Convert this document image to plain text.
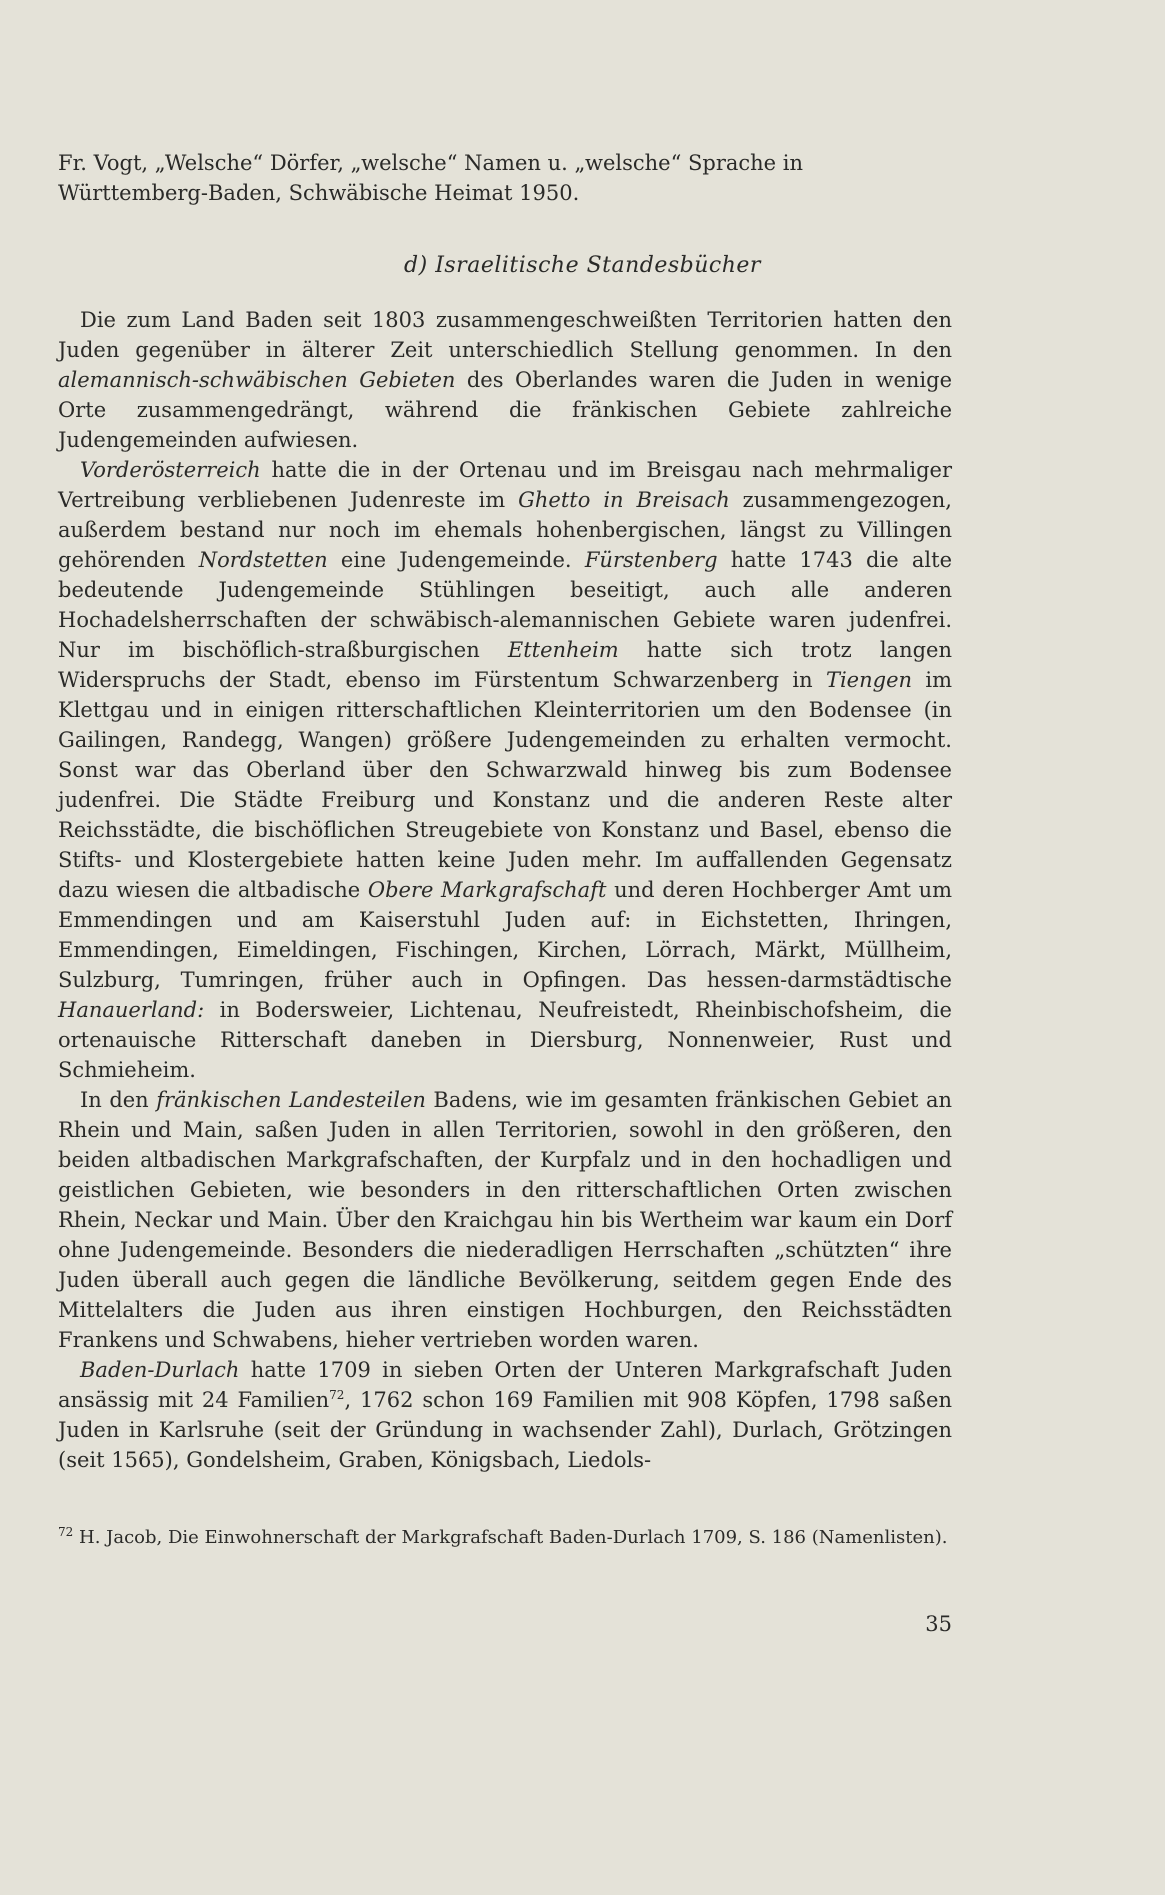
Fr. Vogt, „Welsche“ Dörfer, „welsche“ Namen u. „welsche“ Sprache in Württemberg-Baden, Schwäbische Heimat 1950.
d) Israelitische Standesbücher

Die zum Land Baden seit 1803 zusammengeschweißten Territorien hatten den Juden gegenüber in älterer Zeit unterschiedlich Stellung genommen. In den alemannisch-schwäbischen Gebieten des Oberlandes waren die Juden in wenige Orte zusammengedrängt, während die fränkischen Gebiete zahlreiche Judengemeinden aufwiesen.

Vorderösterreich hatte die in der Ortenau und im Breisgau nach mehrmaliger Vertreibung verbliebenen Judenreste im Ghetto in Breisach zusammengezogen, außerdem bestand nur noch im ehemals hohenbergischen, längst zu Villingen gehörenden Nordstetten eine Judengemeinde. Fürstenberg hatte 1743 die alte bedeutende Judengemeinde Stühlingen beseitigt, auch alle anderen Hochadelsherrschaften der schwäbisch-alemannischen Gebiete waren judenfrei. Nur im bischöflich-straßburgischen Ettenheim hatte sich trotz langen Widerspruchs der Stadt, ebenso im Fürstentum Schwarzenberg in Tiengen im Klettgau und in einigen ritterschaftlichen Kleinterritorien um den Bodensee (in Gailingen, Randegg, Wangen) größere Judengemeinden zu erhalten vermocht. Sonst war das Oberland über den Schwarzwald hinweg bis zum Bodensee judenfrei. Die Städte Freiburg und Konstanz und die anderen Reste alter Reichsstädte, die bischöflichen Streugebiete von Konstanz und Basel, ebenso die Stifts- und Klostergebiete hatten keine Juden mehr. Im auffallenden Gegensatz dazu wiesen die altbadische Obere Markgrafschaft und deren Hochberger Amt um Emmendingen und am Kaiserstuhl Juden auf: in Eichstetten, Ihringen, Emmendingen, Eimeldingen, Fischingen, Kirchen, Lörrach, Märkt, Müllheim, Sulzburg, Tumringen, früher auch in Opfingen. Das hessen-darmstädtische Hanauerland: in Bodersweier, Lichtenau, Neufreistedt, Rheinbischofsheim, die ortenauische Ritterschaft daneben in Diersburg, Nonnenweier, Rust und Schmieheim.

In den fränkischen Landesteilen Badens, wie im gesamten fränkischen Gebiet an Rhein und Main, saßen Juden in allen Territorien, sowohl in den größeren, den beiden altbadischen Markgrafschaften, der Kurpfalz und in den hochadligen und geistlichen Gebieten, wie besonders in den ritterschaftlichen Orten zwischen Rhein, Neckar und Main. Über den Kraichgau hin bis Wertheim war kaum ein Dorf ohne Judengemeinde. Besonders die niederadligen Herrschaften „schützten“ ihre Juden überall auch gegen die ländliche Bevölkerung, seitdem gegen Ende des Mittelalters die Juden aus ihren einstigen Hochburgen, den Reichsstädten Frankens und Schwabens, hieher vertrieben worden waren.

Baden-Durlach hatte 1709 in sieben Orten der Unteren Markgrafschaft Juden ansässig mit 24 Familien$^{72}$, 1762 schon 169 Familien mit 908 Köpfen, 1798 saßen Juden in Karlsruhe (seit der Gründung in wachsender Zahl), Durlach, Grötzingen (seit 1565), Gondelsheim, Graben, Königsbach, Liedols-

$^{72}$ H. Jacob, Die Einwohnerschaft der Markgrafschaft Baden-Durlach 1709, S. 186 (Namenlisten).
35
